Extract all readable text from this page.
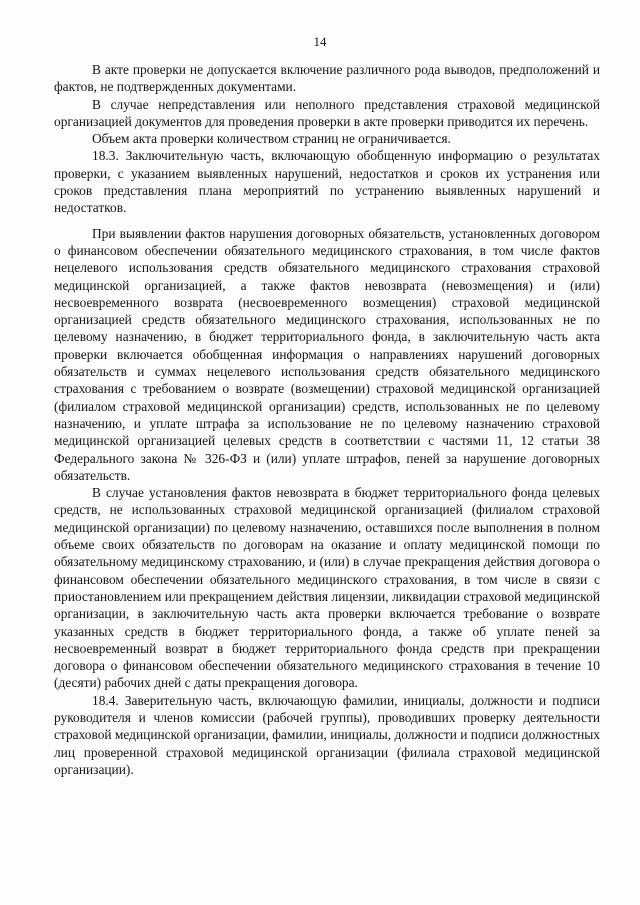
14

В акте проверки не допускается включение различного рода выводов, предположений и фактов, не подтвержденных документами.

В случае непредставления или неполного представления страховой медицинской организацией документов для проведения проверки в акте проверки приводится их перечень.

Объем акта проверки количеством страниц не ограничивается.

18.3. Заключительную часть, включающую обобщенную информацию о результатах проверки, с указанием выявленных нарушений, недостатков и сроков их устранения или сроков представления плана мероприятий по устранению выявленных нарушений и недостатков.

При выявлении фактов нарушения договорных обязательств, установленных договором о финансовом обеспечении обязательного медицинского страхования, в том числе фактов нецелевого использования средств обязательного медицинского страхования страховой медицинской организацией, а также фактов невозврата (невозмещения) и (или) несвоевременного возврата (несвоевременного возмещения) страховой медицинской организацией средств обязательного медицинского страхования, использованных не по целевому назначению, в бюджет территориального фонда, в заключительную часть акта проверки включается обобщенная информация о направлениях нарушений договорных обязательств и суммах нецелевого использования средств обязательного медицинского страхования с требованием о возврате (возмещении) страховой медицинской организацией (филиалом страховой медицинской организации) средств, использованных не по целевому назначению, и уплате штрафа за использование не по целевому назначению страховой медицинской организацией целевых средств в соответствии с частями 11, 12 статьи 38 Федерального закона № 326-ФЗ и (или) уплате штрафов, пеней за нарушение договорных обязательств.

В случае установления фактов невозврата в бюджет территориального фонда целевых средств, не использованных страховой медицинской организацией (филиалом страховой медицинской организации) по целевому назначению, оставшихся после выполнения в полном объеме своих обязательств по договорам на оказание и оплату медицинской помощи по обязательному медицинскому страхованию, и (или) в случае прекращения действия договора о финансовом обеспечении обязательного медицинского страхования, в том числе в связи с приостановлением или прекращением действия лицензии, ликвидации страховой медицинской организации, в заключительную часть акта проверки включается требование о возврате указанных средств в бюджет территориального фонда, а также об уплате пеней за несвоевременный возврат в бюджет территориального фонда средств при прекращении договора о финансовом обеспечении обязательного медицинского страхования в течение 10 (десяти) рабочих дней с даты прекращения договора.

18.4. Заверительную часть, включающую фамилии, инициалы, должности и подписи руководителя и членов комиссии (рабочей группы), проводивших проверку деятельности страховой медицинской организации, фамилии, инициалы, должности и подписи должностных лиц проверенной страховой медицинской организации (филиала страховой медицинской организации).
